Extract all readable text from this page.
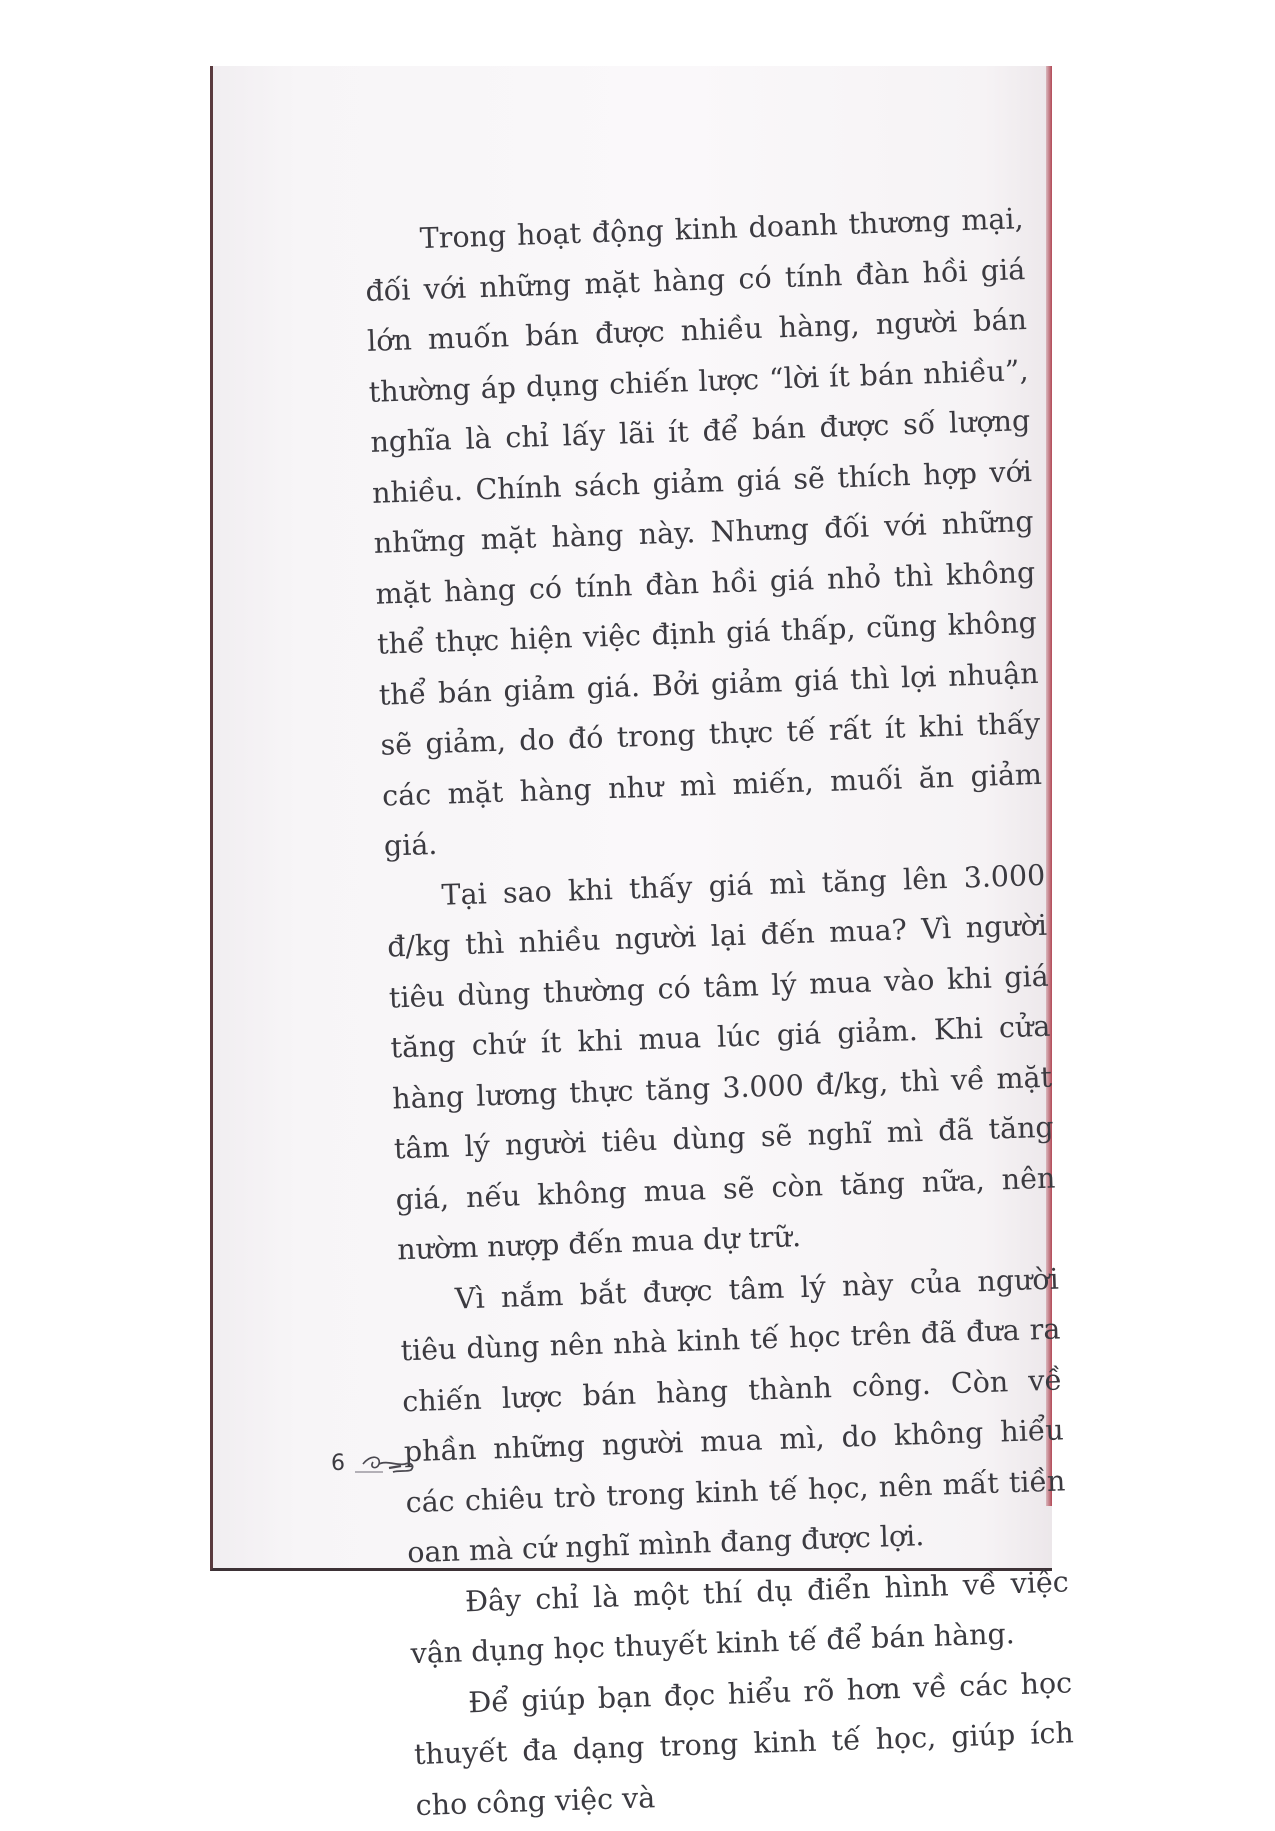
Trong hoạt động kinh doanh thương mại, đối với những mặt hàng có tính đàn hồi giá lớn muốn bán được nhiều hàng, người bán thường áp dụng chiến lược “lời ít bán nhiều”, nghĩa là chỉ lấy lãi ít để bán được số lượng nhiều. Chính sách giảm giá sẽ thích hợp với những mặt hàng này. Nhưng đối với những mặt hàng có tính đàn hồi giá nhỏ thì không thể thực hiện việc định giá thấp, cũng không thể bán giảm giá. Bởi giảm giá thì lợi nhuận sẽ giảm, do đó trong thực tế rất ít khi thấy các mặt hàng như mì miến, muối ăn giảm giá.

Tại sao khi thấy giá mì tăng lên 3.000 đ/kg thì nhiều người lại đến mua? Vì người tiêu dùng thường có tâm lý mua vào khi giá tăng chứ ít khi mua lúc giá giảm. Khi cửa hàng lương thực tăng 3.000 đ/kg, thì về mặt tâm lý người tiêu dùng sẽ nghĩ mì đã tăng giá, nếu không mua sẽ còn tăng nữa, nên nườm nượp đến mua dự trữ.

Vì nắm bắt được tâm lý này của người tiêu dùng nên nhà kinh tế học trên đã đưa ra chiến lược bán hàng thành công. Còn về phần những người mua mì, do không hiểu các chiêu trò trong kinh tế học, nên mất tiền oan mà cứ nghĩ mình đang được lợi.

Đây chỉ là một thí dụ điển hình về việc vận dụng học thuyết kinh tế để bán hàng.

Để giúp bạn đọc hiểu rõ hơn về các học thuyết đa dạng trong kinh tế học, giúp ích cho công việc và

6
